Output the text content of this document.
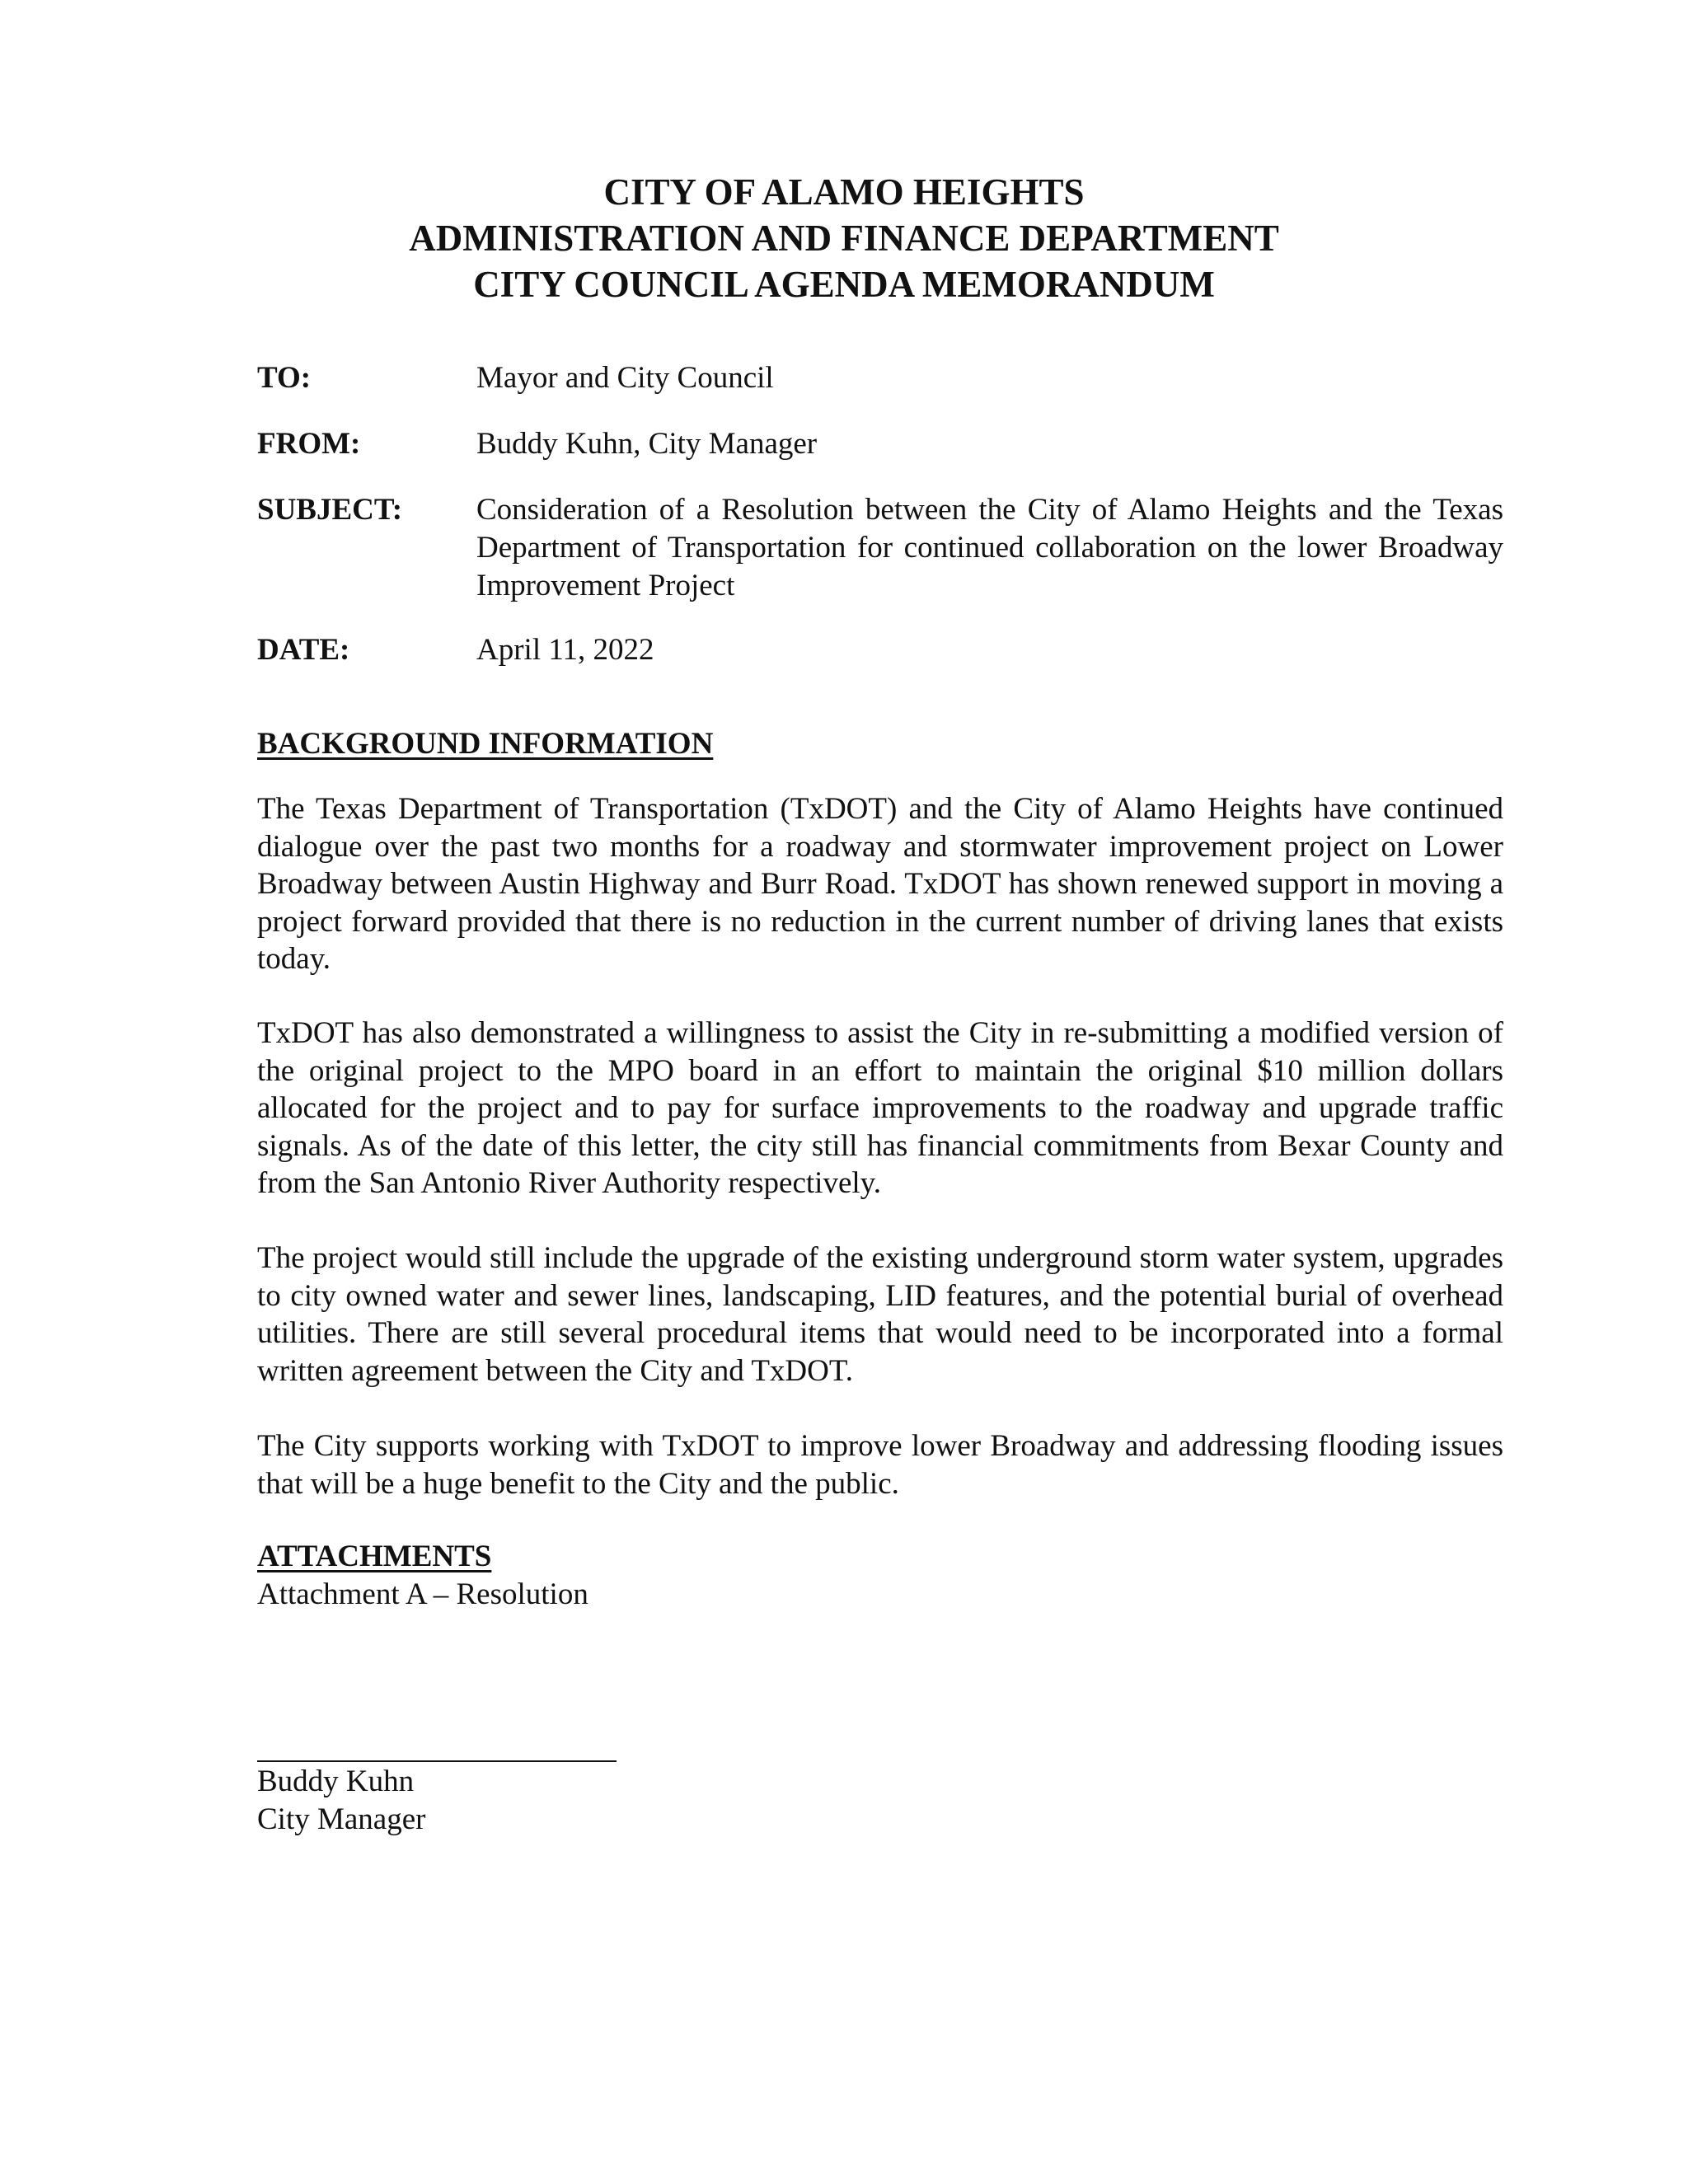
CITY OF ALAMO HEIGHTS
ADMINISTRATION AND FINANCE DEPARTMENT
CITY COUNCIL AGENDA MEMORANDUM
TO:	Mayor and City Council
FROM:	Buddy Kuhn, City Manager
SUBJECT: Consideration of a Resolution between the City of Alamo Heights and the Texas Department of Transportation for continued collaboration on the lower Broadway Improvement Project
DATE:	April 11, 2022
BACKGROUND INFORMATION

The Texas Department of Transportation (TxDOT) and the City of Alamo Heights have continued dialogue over the past two months for a roadway and stormwater improvement project on Lower Broadway between Austin Highway and Burr Road. TxDOT has shown renewed support in moving a project forward provided that there is no reduction in the current number of driving lanes that exists today.

TxDOT has also demonstrated a willingness to assist the City in re-submitting a modified version of the original project to the MPO board in an effort to maintain the original $10 million dollars allocated for the project and to pay for surface improvements to the roadway and upgrade traffic signals. As of the date of this letter, the city still has financial commitments from Bexar County and from the San Antonio River Authority respectively.

The project would still include the upgrade of the existing underground storm water system, upgrades to city owned water and sewer lines, landscaping, LID features, and the potential burial of overhead utilities. There are still several procedural items that would need to be incorporated into a formal written agreement between the City and TxDOT.

The City supports working with TxDOT to improve lower Broadway and addressing flooding issues that will be a huge benefit to the City and the public.

ATTACHMENTS
Attachment A – Resolution
Buddy Kuhn
City Manager
